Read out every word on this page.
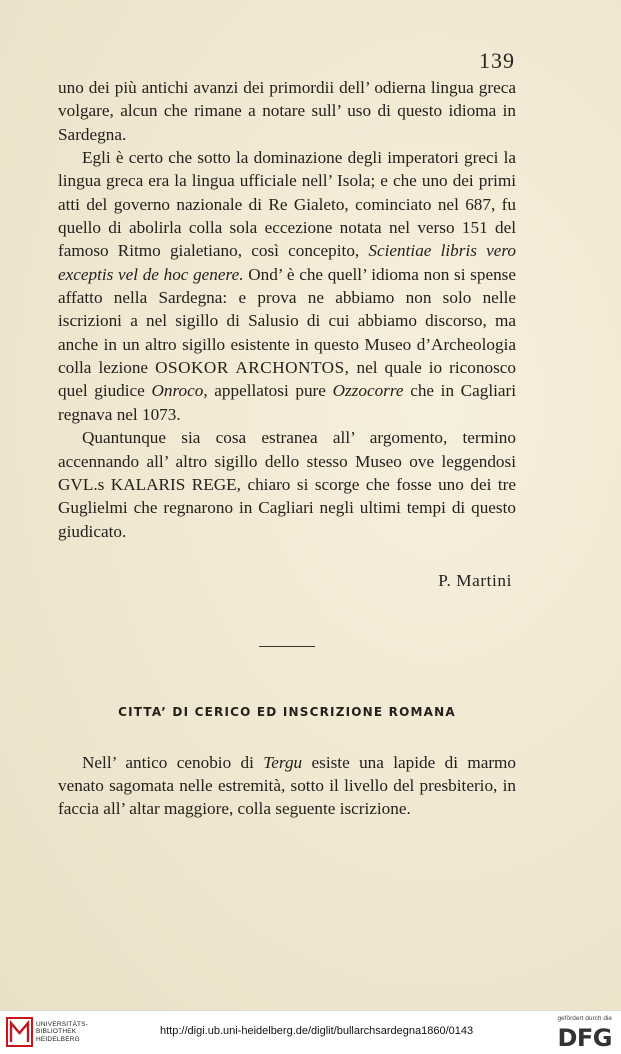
139

uno dei più antichi avanzi dei primordii dell’ odierna lingua greca volgare, alcun che rimane a notare sull’ uso di questo idioma in Sardegna.

Egli è certo che sotto la dominazione degli imperatori greci la lingua greca era la lingua ufficiale nell’ Isola; e che uno dei primi atti del governo nazionale di Re Gialeto, cominciato nel 687, fu quello di abolirla colla sola eccezione notata nel verso 151 del famoso Ritmo gialetiano, così concepito, Scientiae libris vero exceptis vel de hoc genere. Ond’ è che quell’ idioma non si spense affatto nella Sardegna: e prova ne abbiamo non solo nelle iscrizioni a nel sigillo di Salusio di cui abbiamo discorso, ma anche in un altro sigillo esistente in questo Museo d’Archeologia colla lezione OSOKOR ARCHONTOS, nel quale io riconosco quel giudice Onroco, appellatosi pure Ozzocorre che in Cagliari regnava nel 1073.

Quantunque sia cosa estranea all’ argomento, termino accennando all’ altro sigillo dello stesso Museo ove leggendosi GVL.s KALARIS REGE, chiaro si scorge che fosse uno dei tre Guglielmi che regnarono in Cagliari negli ultimi tempi di questo giudicato.

P. Martini

CITTA’ DI CERICO ED INSCRIZIONE ROMANA

Nell’ antico cenobio di Tergu esiste una lapide di marmo venato sagomata nelle estremità, sotto il livello del presbiterio, in faccia all’ altar maggiore, colla seguente iscrizione.

UNIVERSITÄTS-
BIBLIOTHEK
HEIDELBERG
http://digi.ub.uni-heidelberg.de/diglit/bullarchsardegna1860/0143
gefördert durch die
DFG
